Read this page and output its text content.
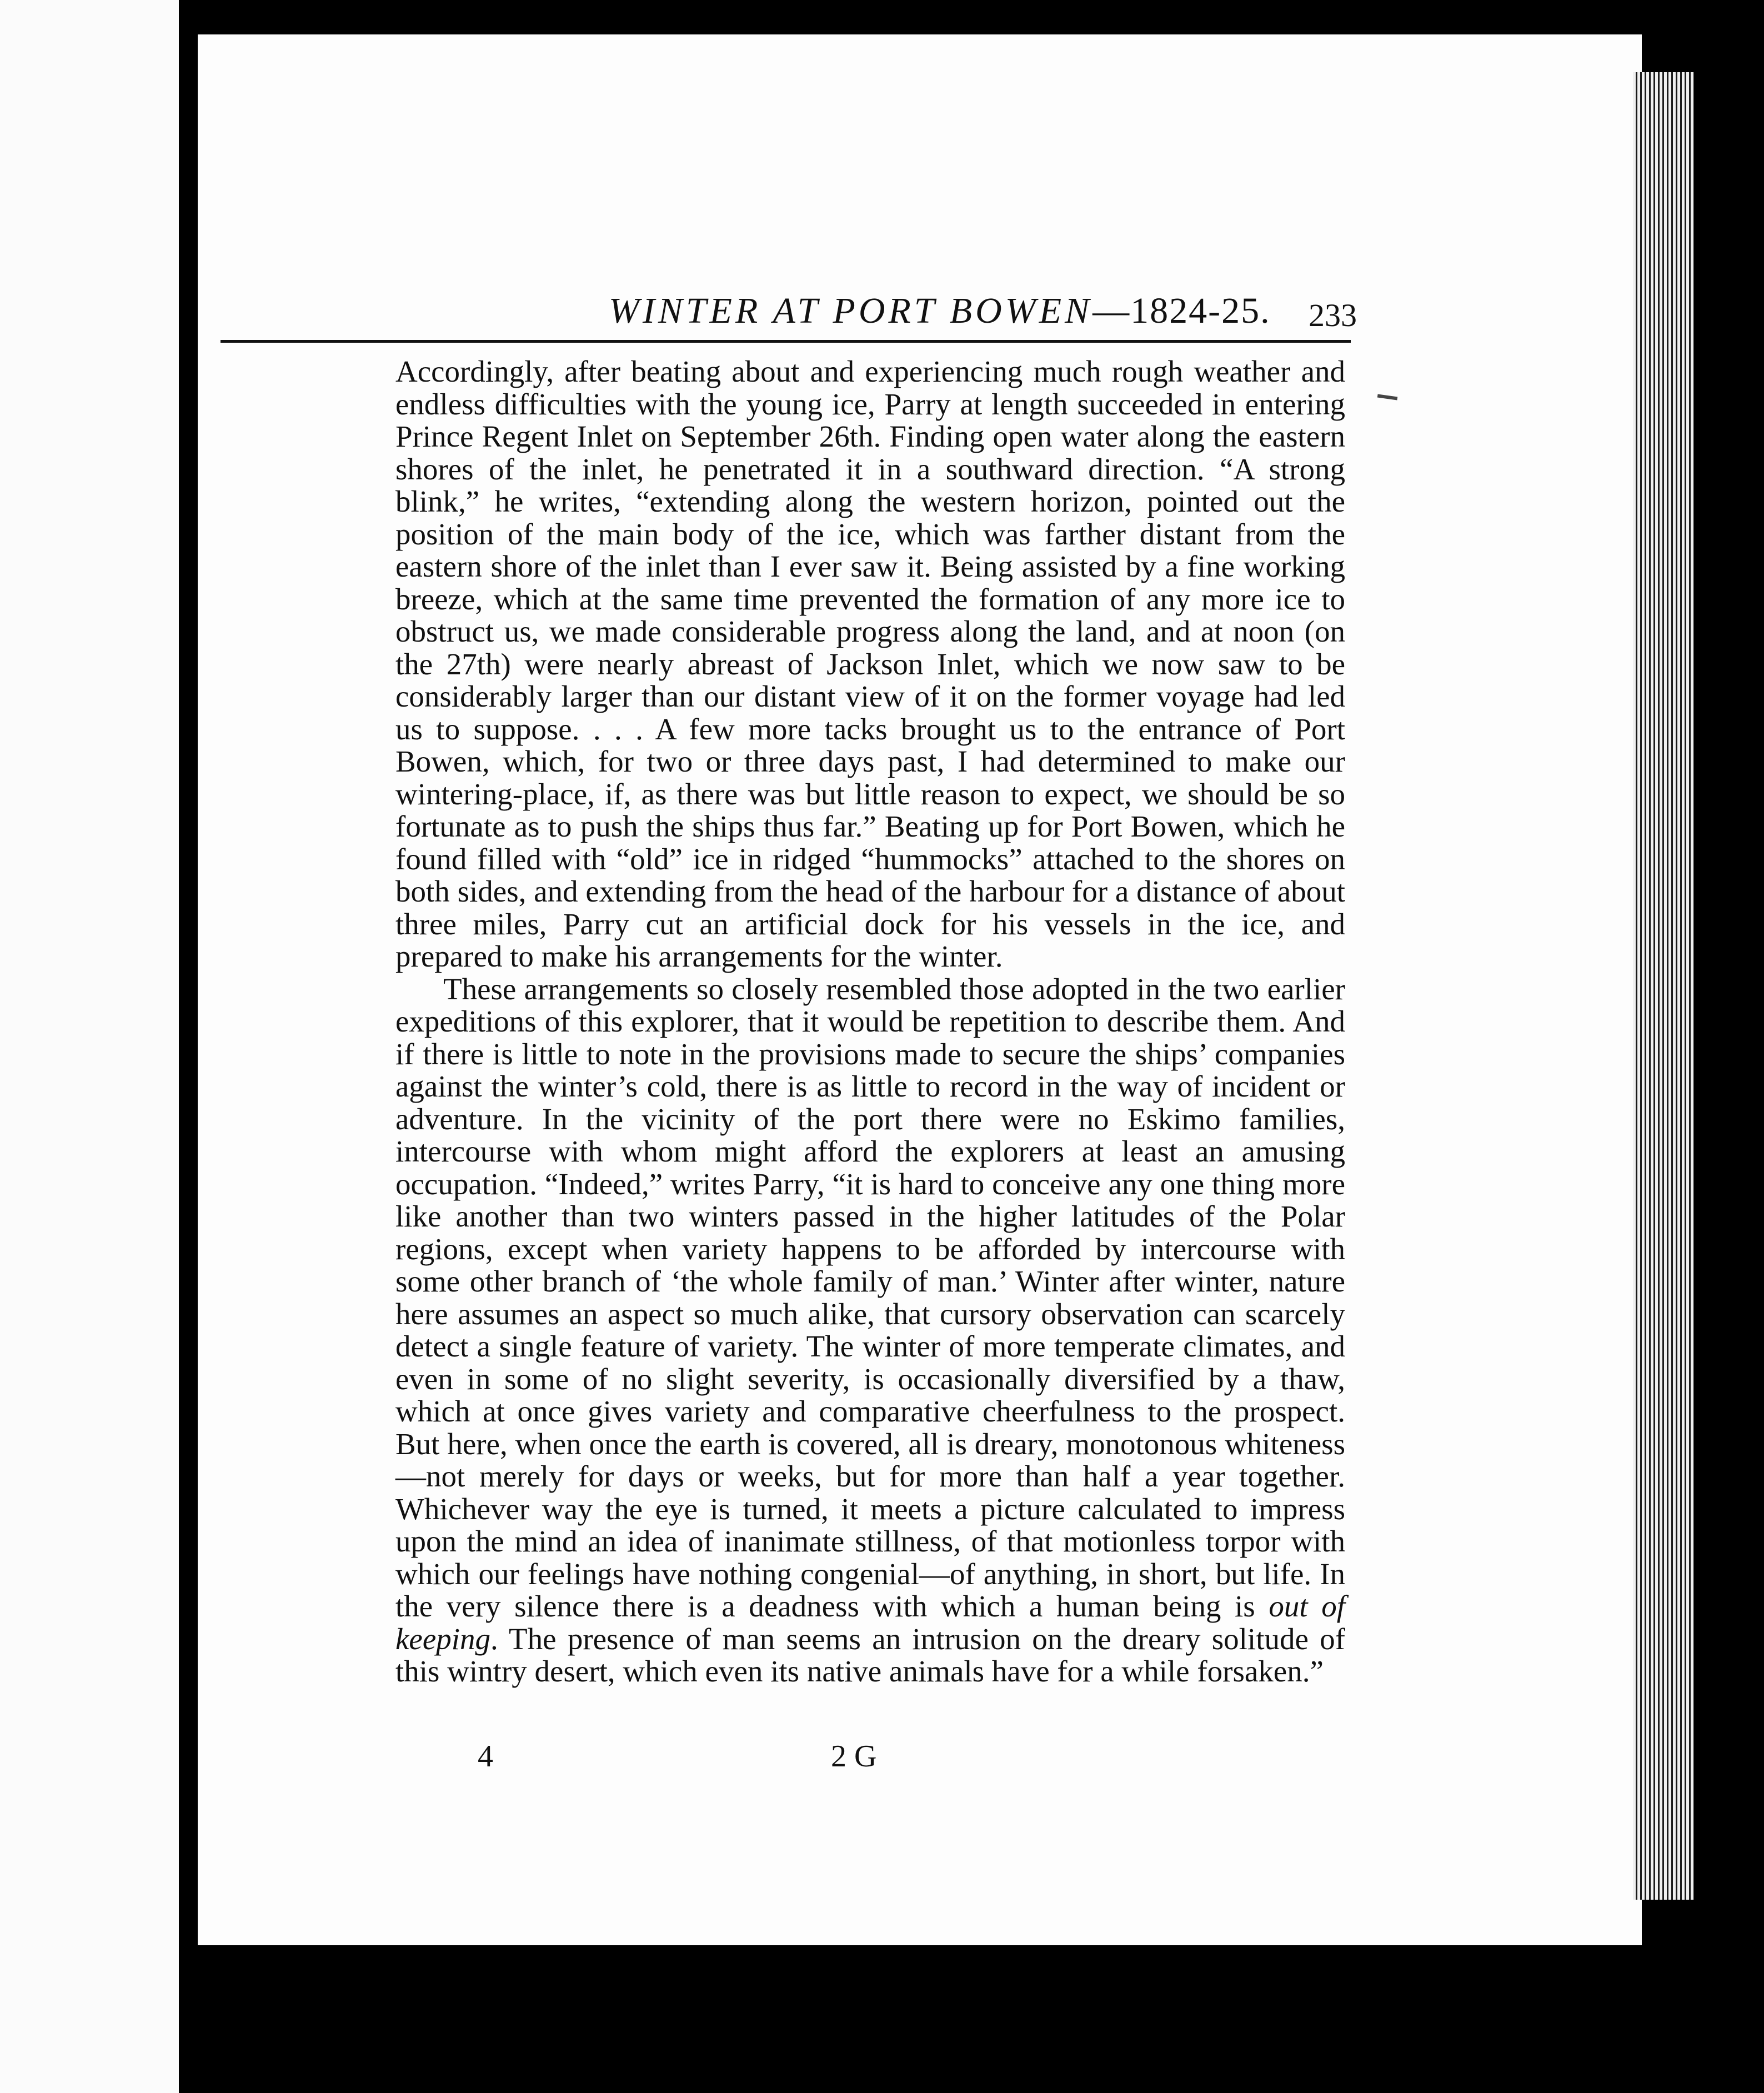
WINTER AT PORT BOWEN—1824-25. 233

Accordingly, after beating about and experiencing much rough weather and endless difficulties with the young ice, Parry at length succeeded in entering Prince Regent Inlet on September 26th. Finding open water along the eastern shores of the inlet, he penetrated it in a southward direction. “A strong blink,” he writes, “extending along the western horizon, pointed out the position of the main body of the ice, which was farther distant from the eastern shore of the inlet than I ever saw it. Being assisted by a fine working breeze, which at the same time prevented the formation of any more ice to obstruct us, we made considerable progress along the land, and at noon (on the 27th) were nearly abreast of Jackson Inlet, which we now saw to be considerably larger than our distant view of it on the former voyage had led us to suppose. . . . A few more tacks brought us to the entrance of Port Bowen, which, for two or three days past, I had determined to make our wintering-place, if, as there was but little reason to expect, we should be so fortunate as to push the ships thus far.” Beating up for Port Bowen, which he found filled with “old” ice in ridged “hummocks” attached to the shores on both sides, and extending from the head of the harbour for a distance of about three miles, Parry cut an artificial dock for his vessels in the ice, and prepared to make his arrangements for the winter.

These arrangements so closely resembled those adopted in the two earlier expeditions of this explorer, that it would be repetition to describe them. And if there is little to note in the provisions made to secure the ships’ companies against the winter’s cold, there is as little to record in the way of incident or adventure. In the vicinity of the port there were no Eskimo families, intercourse with whom might afford the explorers at least an amusing occupation. “Indeed,” writes Parry, “it is hard to conceive any one thing more like another than two winters passed in the higher latitudes of the Polar regions, except when variety happens to be afforded by intercourse with some other branch of ‘the whole family of man.’ Winter after winter, nature here assumes an aspect so much alike, that cursory observation can scarcely detect a single feature of variety. The winter of more temperate climates, and even in some of no slight severity, is occasionally diversified by a thaw, which at once gives variety and comparative cheerfulness to the prospect. But here, when once the earth is covered, all is dreary, monotonous whiteness—not merely for days or weeks, but for more than half a year together. Whichever way the eye is turned, it meets a picture calculated to impress upon the mind an idea of inanimate stillness, of that motionless torpor with which our feelings have nothing congenial—of anything, in short, but life. In the very silence there is a deadness with which a human being is out of keeping. The presence of man seems an intrusion on the dreary solitude of this wintry desert, which even its native animals have for a while forsaken.”

4	2 G
